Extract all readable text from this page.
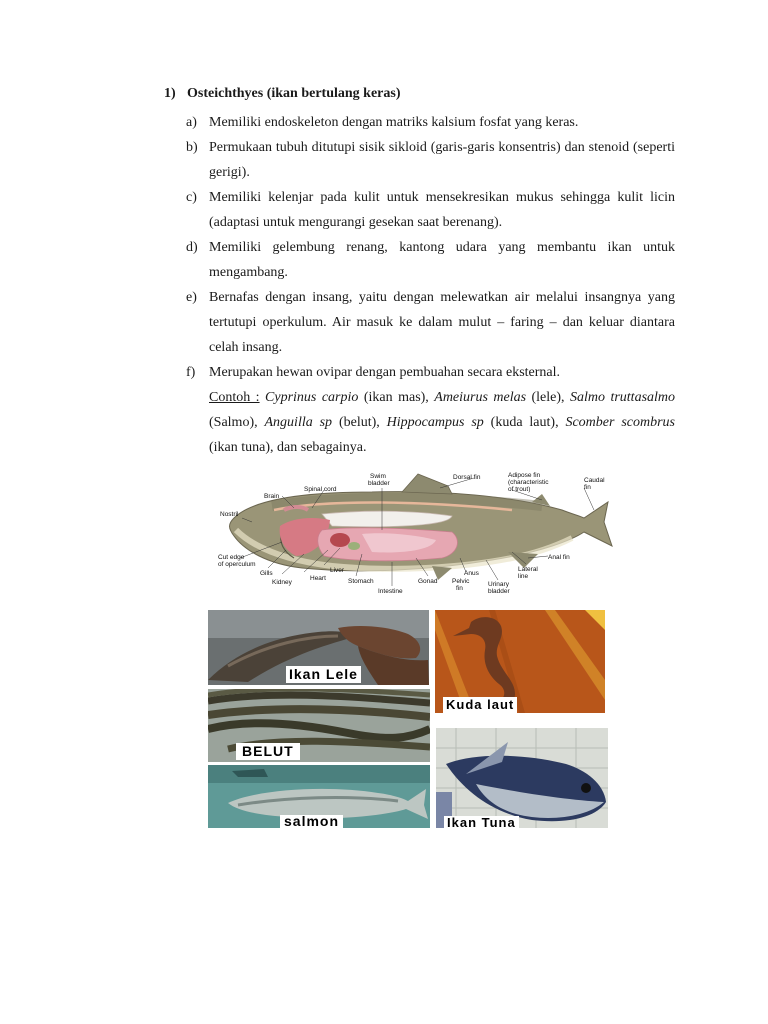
1) Osteichthyes (ikan bertulang keras)
a) Memiliki endoskeleton dengan matriks kalsium fosfat yang keras.
b) Permukaan tubuh ditutupi sisik sikloid (garis-garis konsentris) dan stenoid (seperti gerigi).
c) Memiliki kelenjar pada kulit untuk mensekresikan mukus sehingga kulit licin (adaptasi untuk mengurangi gesekan saat berenang).
d) Memiliki gelembung renang, kantong udara yang membantu ikan untuk mengambang.
e) Bernafas dengan insang, yaitu dengan melewatkan air melalui insangnya yang tertutupi operkulum. Air masuk ke dalam mulut – faring – dan keluar diantara celah insang.
f) Merupakan hewan ovipar dengan pembuahan secara eksternal.
Contoh : Cyprinus carpio (ikan mas), Ameiurus melas (lele), Salmo truttasalmo (Salmo), Anguilla sp (belut), Hippocampus sp (kuda laut), Scomber scombrus (ikan tuna), dan sebagainya.
Swim
bladder
Dorsal fin	Adipose fin
(characteristic
of trout)
Caudal
fin
Spinal cord
Brain
Nostril
Cut edge
of operculum
Gills
Kidney
Heart
Liver
Stomach
Intestine
Gonad Pelvic
fin
Anus
Urinary
bladder
Lateral
line
Anal fin
Ikan Lele
Kuda laut
BELUT
salmon	Ikan Tuna
